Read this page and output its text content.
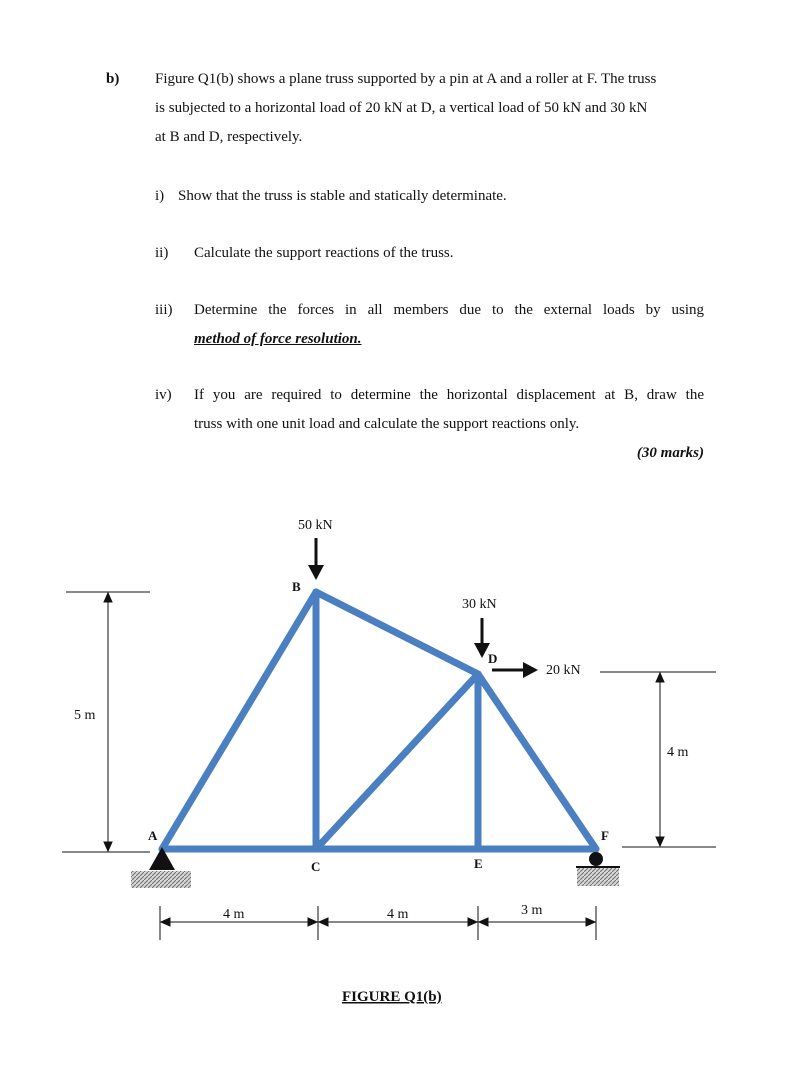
b) Figure Q1(b) shows a plane truss supported by a pin at A and a roller at F. The truss
is subjected to a horizontal load of 20 kN at D, a vertical load of 50 kN and 30 kN
at B and D, respectively.
i) Show that the truss is stable and statically determinate.
ii) Calculate the support reactions of the truss.
iii) Determine the forces in all members due to the external loads by using
method of force resolution.
iv) If you are required to determine the horizontal displacement at B, draw the
truss with one unit load and calculate the support reactions only.
(30 marks)
A
B
C
D
E
F
50 kN
30 kN
20 kN
5 m
4 m
4 m	4 m	3 m
FIGURE Q1(b)
